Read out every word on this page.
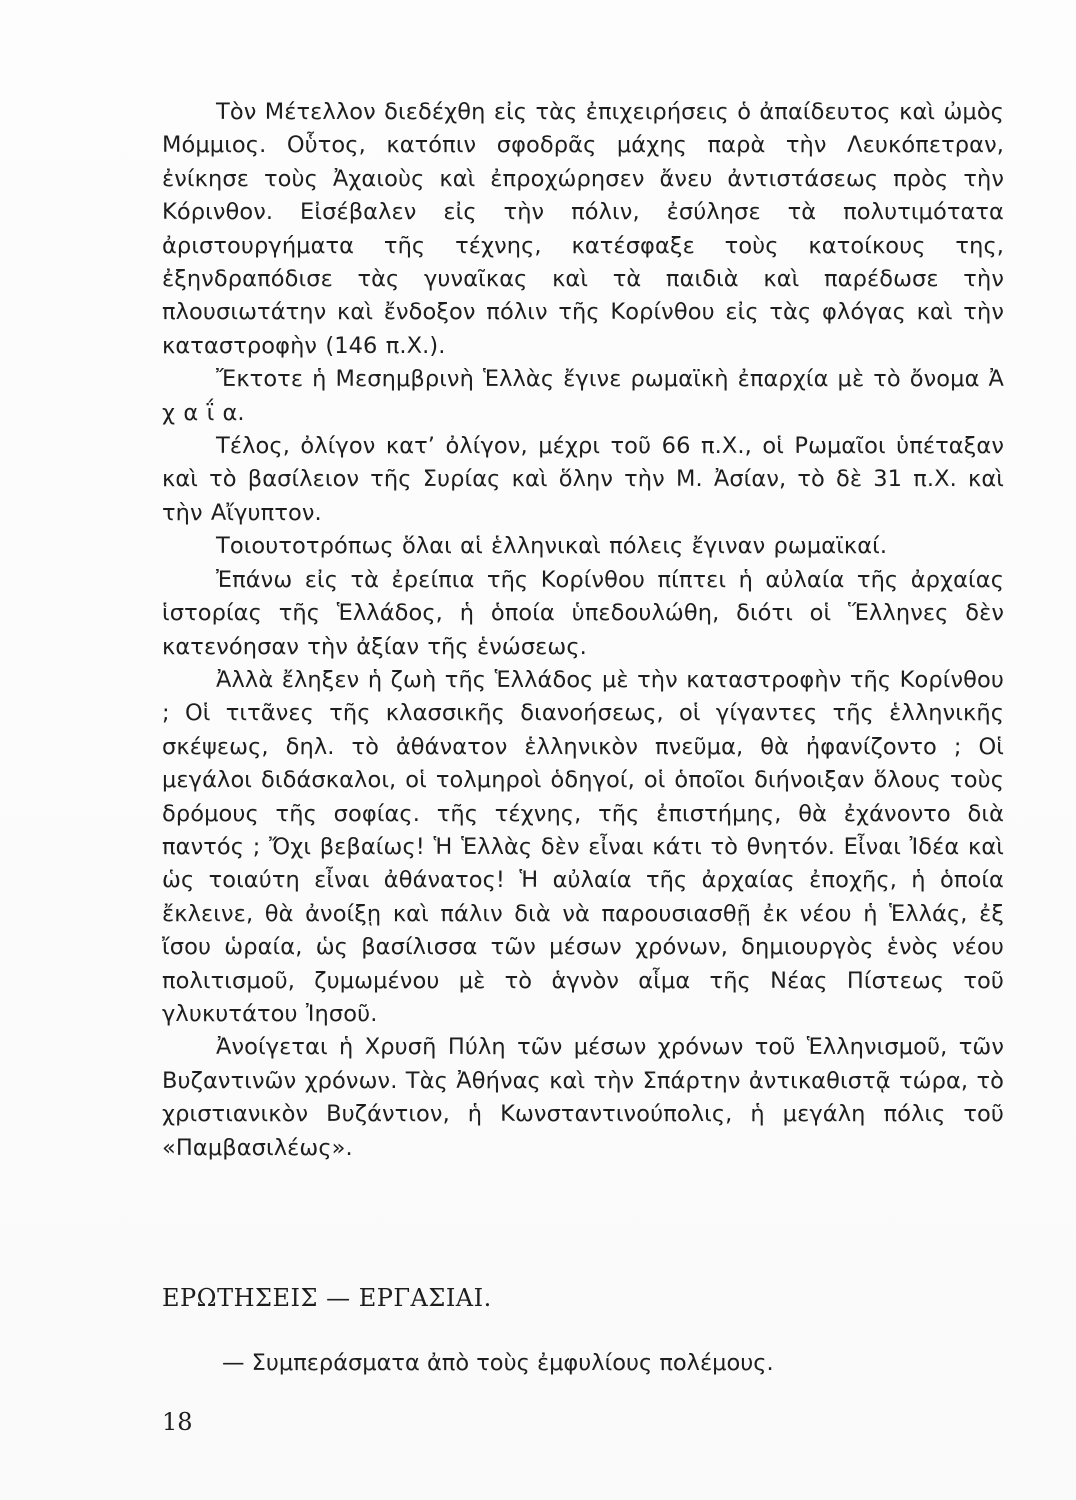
Τὸν Μέτελλον διεδέχθη εἰς τὰς ἐπιχειρήσεις ὁ ἀπαίδευτος καὶ ὠμὸς Μόμμιος. Οὗτος, κατόπιν σφοδρᾶς μάχης παρὰ τὴν Λευκόπετραν, ἐνίκησε τοὺς Ἀχαιοὺς καὶ ἐπροχώρησεν ἄνευ ἀντιστάσεως πρὸς τὴν Κόρινθον. Εἰσέβαλεν εἰς τὴν πόλιν, ἐσύλησε τὰ πολυτιμότατα ἀριστουργήματα τῆς τέχνης, κατέσφαξε τοὺς κατοίκους της, ἐξηνδραπόδισε τὰς γυναῖκας καὶ τὰ παιδιὰ καὶ παρέδωσε τὴν πλουσιωτάτην καὶ ἔνδοξον πόλιν τῆς Κορίνθου εἰς τὰς φλόγας καὶ τὴν καταστροφὴν (146 π.Χ.).

Ἔκτοτε ἡ Μεσημβρινὴ Ἑλλὰς ἔγινε ρωμαϊκὴ ἐπαρχία μὲ τὸ ὄνομα Ἀ χ α ΐ α.

Τέλος, ὀλίγον κατ’ ὀλίγον, μέχρι τοῦ 66 π.Χ., οἱ Ρωμαῖοι ὑπέταξαν καὶ τὸ βασίλειον τῆς Συρίας καὶ ὅλην τὴν Μ. Ἀσίαν, τὸ δὲ 31 π.Χ. καὶ τὴν Αἴγυπτον.

Τοιουτοτρόπως ὅλαι αἱ ἑλληνικαὶ πόλεις ἔγιναν ρωμαϊκαί.

Ἐπάνω εἰς τὰ ἐρείπια τῆς Κορίνθου πίπτει ἡ αὐλαία τῆς ἀρχαίας ἱστορίας τῆς Ἑλλάδος, ἡ ὁποία ὑπεδουλώθη, διότι οἱ Ἕλληνες δὲν κατενόησαν τὴν ἀξίαν τῆς ἑνώσεως.

Ἀλλὰ ἔληξεν ἡ ζωὴ τῆς Ἑλλάδος μὲ τὴν καταστροφὴν τῆς Κορίνθου ; Οἱ τιτᾶνες τῆς κλασσικῆς διανοήσεως, οἱ γίγαντες τῆς ἑλληνικῆς σκέψεως, δηλ. τὸ ἀθάνατον ἑλληνικὸν πνεῦμα, θὰ ἠφανίζοντο ; Οἱ μεγάλοι διδάσκαλοι, οἱ τολμηροὶ ὁδηγοί, οἱ ὁποῖοι διήνοιξαν ὅλους τοὺς δρόμους τῆς σοφίας. τῆς τέχνης, τῆς ἐπιστήμης, θὰ ἐχάνοντο διὰ παντός ; Ὄχι βεβαίως! Ἡ Ἑλλὰς δὲν εἶναι κάτι τὸ θνητόν. Εἶναι Ἰδέα καὶ ὡς τοιαύτη εἶναι ἀθάνατος! Ἡ αὐλαία τῆς ἀρχαίας ἐποχῆς, ἡ ὁποία ἔκλεινε, θὰ ἀνοίξῃ καὶ πάλιν διὰ νὰ παρουσιασθῇ ἐκ νέου ἡ Ἑλλάς, ἐξ ἴσου ὡραία, ὡς βασίλισσα τῶν μέσων χρόνων, δημιουργὸς ἑνὸς νέου πολιτισμοῦ, ζυμωμένου μὲ τὸ ἁγνὸν αἷμα τῆς Νέας Πίστεως τοῦ γλυκυτάτου Ἰησοῦ.

Ἀνοίγεται ἡ Χρυσῆ Πύλη τῶν μέσων χρόνων τοῦ Ἑλληνισμοῦ, τῶν Βυζαντινῶν χρόνων. Τὰς Ἀθήνας καὶ τὴν Σπάρτην ἀντικαθιστᾷ τώρα, τὸ χριστιανικὸν Βυζάντιον, ἡ Κωνσταντινούπολις, ἡ μεγάλη πόλις τοῦ «Παμβασιλέως».

ΕΡΩΤΗΣΕΙΣ — ΕΡΓΑΣΙΑΙ.

— Συμπεράσματα ἀπὸ τοὺς ἐμφυλίους πολέμους.

18
